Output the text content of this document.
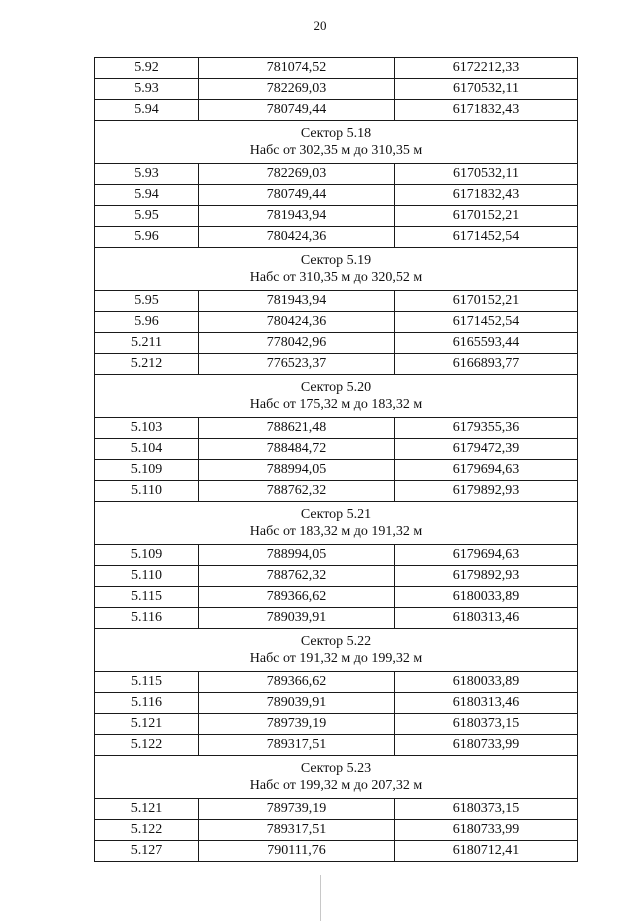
20
5.92	781074,52	6172212,33
5.93	782269,03	6170532,11
5.94	780749,44	6171832,43

Сектор 5.18
Набс от 302,35 м до 310,35 м		

5.93	782269,03	6170532,11
5.94	780749,44	6171832,43
5.95	781943,94	6170152,21
5.96	780424,36	6171452,54

Сектор 5.19
Набс от 310,35 м до 320,52 м		

5.95	781943,94	6170152,21
5.96	780424,36	6171452,54
5.211	778042,96	6165593,44
5.212	776523,37	6166893,77

Сектор 5.20
Набс от 175,32 м до 183,32 м		

5.103	788621,48	6179355,36
5.104	788484,72	6179472,39
5.109	788994,05	6179694,63
5.110	788762,32	6179892,93

Сектор 5.21
Набс от 183,32 м до 191,32 м		

5.109	788994,05	6179694,63
5.110	788762,32	6179892,93
5.115	789366,62	6180033,89
5.116	789039,91	6180313,46

Сектор 5.22
Набс от 191,32 м до 199,32 м		

5.115	789366,62	6180033,89
5.116	789039,91	6180313,46
5.121	789739,19	6180373,15
5.122	789317,51	6180733,99

Сектор 5.23
Набс от 199,32 м до 207,32 м		

5.121	789739,19	6180373,15
5.122	789317,51	6180733,99
5.127	790111,76	6180712,41
